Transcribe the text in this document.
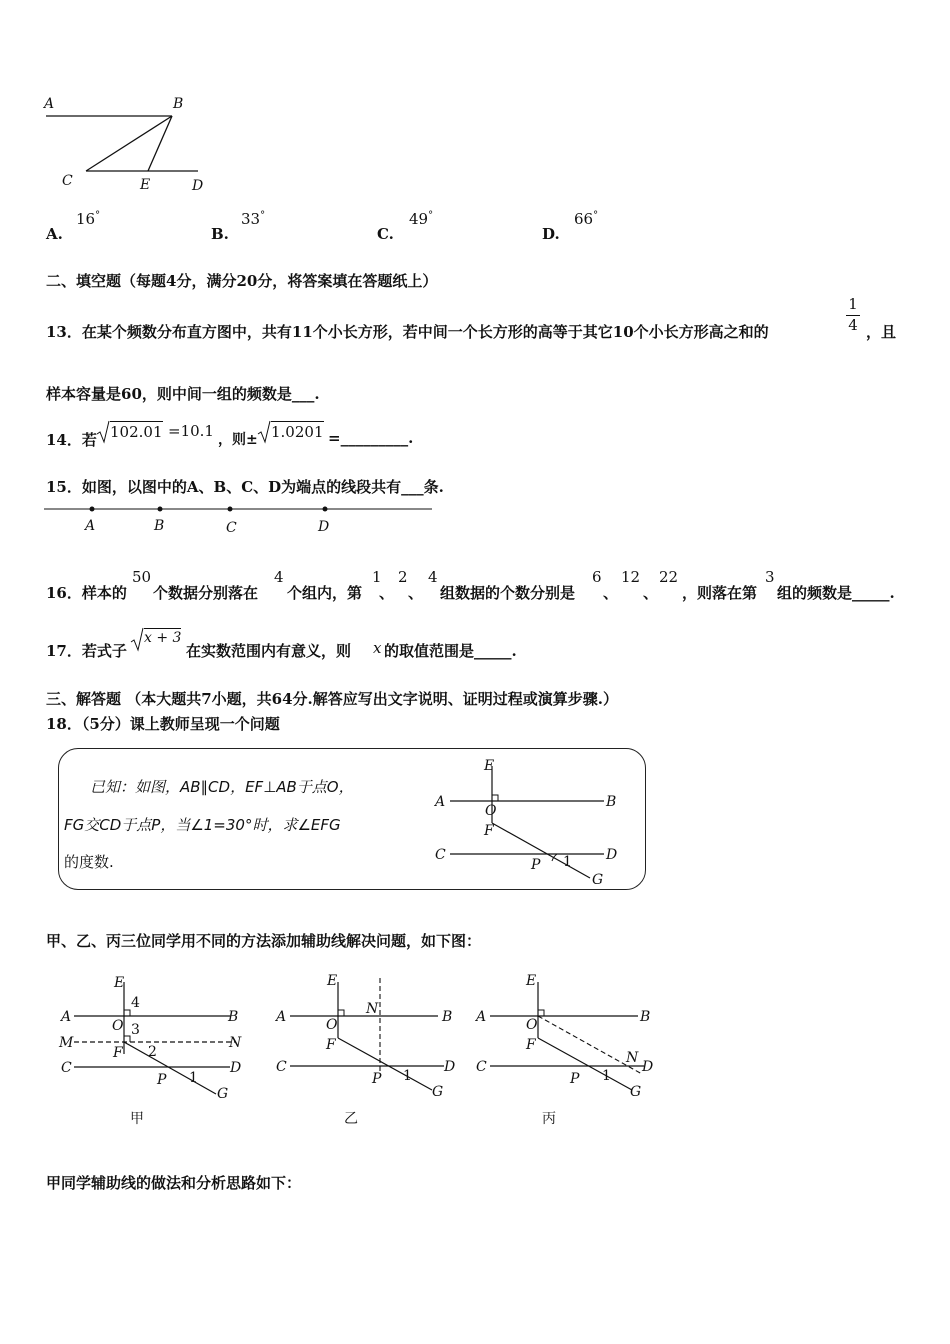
A	B
C	E	D
A.
16°
B.
33°
C.
49°
D.
66°
二、填空题（每题4分，满分20分，将答案填在答题纸上）
13．在某个频数分布直方图中，共有11个小长方形，若中间一个长方形的高等于其它10个小长方形高之和的
1
4 ，且
样本容量是60，则中间一组的频数是___.
14．若 102.01 =10.1 ，则± 1.0201 =_________.
15．如图，以图中的A、B、C、D为端点的线段共有___条.
A	B	C	D
16．样本的
50
个数据分别落在
4
个组内，第
1
、
2
、
4
组数据的个数分别是
6
、
12
、
22
，则落在第
3
组的频数是_____.
17．若式子
x + 3
在实数范围内有意义，则 x 的取值范围是_____.
三、解答题 （本大题共7小题，共64分.解答应写出文字说明、证明过程或演算步骤.）
18．（5分）课上教师呈现一个问题
已知：如图，AB∥CD，EF⊥AB于点O，
FG交CD于点P，当∠1=30°时，求∠EFG
的度数.
E
A	B
O
F
C	D
P 1
G
甲、乙、丙三位同学用不同的方法添加辅助线解决问题，如下图：
E
4
A	B
O 3
M	N
F 2
C	D
P 1
G
甲
E
N
A	B
O
F
C	D
P 1
G
乙
E
A	B
O
F
N
C	D
P 1
G
丙
甲同学辅助线的做法和分析思路如下：
